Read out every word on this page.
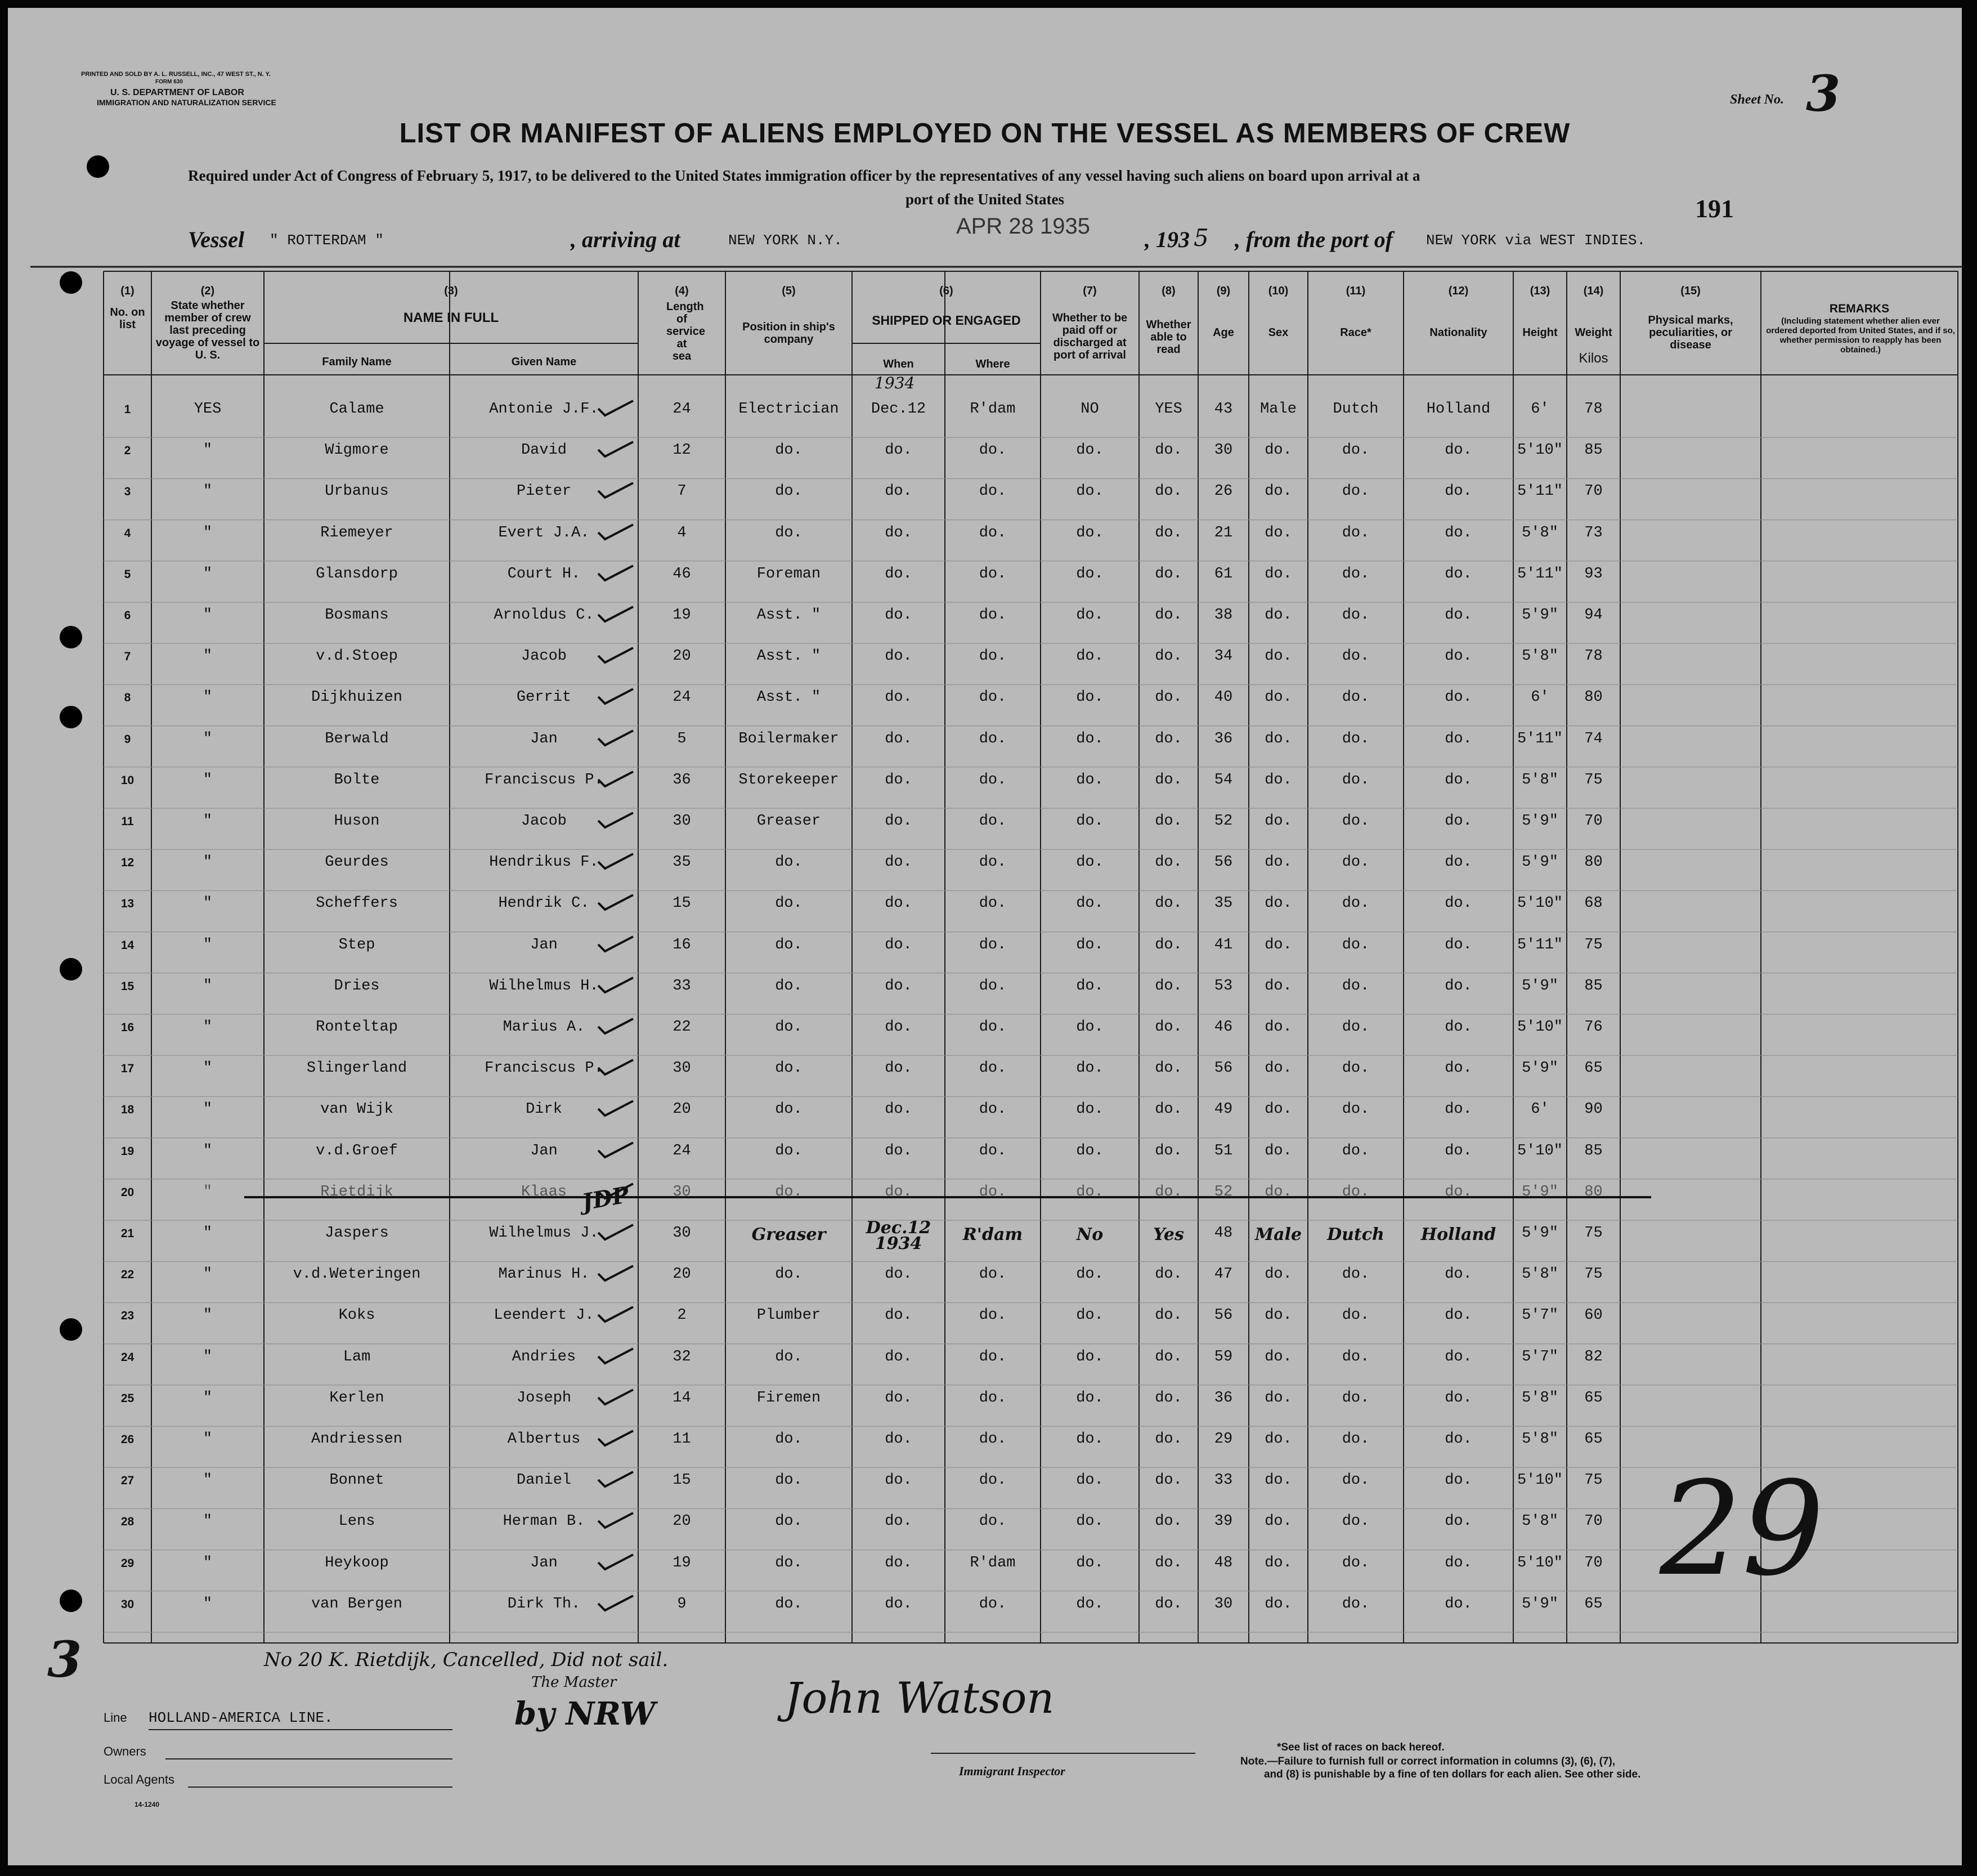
PRINTED AND SOLD BY A. L. RUSSELL, INC., 47 WEST ST., N. Y.
FORM 630
U. S. DEPARTMENT OF LABOR
IMMIGRATION AND NATURALIZATION SERVICE	Sheet No. 3
LIST OR MANIFEST OF ALIENS EMPLOYED ON THE VESSEL AS MEMBERS OF CREW
Required under Act of Congress of February 5, 1917, to be delivered to the United States immigration officer by the representatives of any vessel having such aliens on board upon arrival at a
port of the United States	191
Vessel " ROTTERDAM "	, arriving at	NEW YORK N.Y.
APR 28 1935
, 193 5 , from the port of NEW YORK via WEST INDIES.
(1)
No. on list
(2)
State whether member of crew last preceding voyage of vessel to U. S.
(3)
NAME IN FULL
Family Name	Given Name
(4)
Length of service at sea
(5)
Position in ship's company
(6)
SHIPPED OR ENGAGED
When	Where
(7)
Whether to be paid off or discharged at port of arrival
(8)
Whether able to read
(9)
Age
(10)
Sex
(11)
Race*
(12)
Nationality
(13)
Height
(14)
Weight
Kilos
(15)
Physical marks, peculiarities, or disease
REMARKS
(Including statement whether alien ever ordered deported from United States, and if so, whether permission to reapply has been obtained.)
1934
1	YES	Calame	Antonie J.F.	24	Electrician	Dec.12	R'dam	NO	YES	43	Male	Dutch	Holland	6'	78
2	"	Wigmore	David	12	do.	do.	do.	do.	do.	30	do.	do.	do.	5'10"	85
3	"	Urbanus	Pieter	7	do.	do.	do.	do.	do.	26	do.	do.	do.	5'11"	70
4	"	Riemeyer	Evert J.A.	4	do.	do.	do.	do.	do.	21	do.	do.	do.	5'8"	73
5	"	Glansdorp	Court H.	46	Foreman	do.	do.	do.	do.	61	do.	do.	do.	5'11"	93
6	"	Bosmans	Arnoldus C.	19	Asst. "	do.	do.	do.	do.	38	do.	do.	do.	5'9"	94
7	"	v.d.Stoep	Jacob	20	Asst. "	do.	do.	do.	do.	34	do.	do.	do.	5'8"	78
8	"	Dijkhuizen	Gerrit	24	Asst. "	do.	do.	do.	do.	40	do.	do.	do.	6'	80
9	"	Berwald	Jan	5	Boilermaker	do.	do.	do.	do.	36	do.	do.	do.	5'11"	74
10	"	Bolte	Franciscus P.	36	Storekeeper	do.	do.	do.	do.	54	do.	do.	do.	5'8"	75
11	"	Huson	Jacob	30	Greaser	do.	do.	do.	do.	52	do.	do.	do.	5'9"	70
12	"	Geurdes	Hendrikus F.	35	do.	do.	do.	do.	do.	56	do.	do.	do.	5'9"	80
13	"	Scheffers	Hendrik C.	15	do.	do.	do.	do.	do.	35	do.	do.	do.	5'10"	68
14	"	Step	Jan	16	do.	do.	do.	do.	do.	41	do.	do.	do.	5'11"	75
15	"	Dries	Wilhelmus H.	33	do.	do.	do.	do.	do.	53	do.	do.	do.	5'9"	85
16	"	Ronteltap	Marius A.	22	do.	do.	do.	do.	do.	46	do.	do.	do.	5'10"	76
17	"	Slingerland	Franciscus P.	30	do.	do.	do.	do.	do.	56	do.	do.	do.	5'9"	65
18	"	van Wijk	Dirk	20	do.	do.	do.	do.	do.	49	do.	do.	do.	6'	90
19	"	v.d.Groef	Jan	24	do.	do.	do.	do.	do.	51	do.	do.	do.	5'10"	85
20	"	Rietdijk	Klaas	30	do.	do.	do.	do.	do.	52	do.	do.	do.	5'9"	80
21	"	Jaspers	Wilhelmus J.	30	Greaser	Dec.12 1934	R'dam	No	Yes	48	Male	Dutch	Holland	5'9"	75
22	"	v.d.Weteringen	Marinus H.	20	do.	do.	do.	do.	do.	47	do.	do.	do.	5'8"	75
23	"	Koks	Leendert J.	2	Plumber	do.	do.	do.	do.	56	do.	do.	do.	5'7"	60
24	"	Lam	Andries	32	do.	do.	do.	do.	do.	59	do.	do.	do.	5'7"	82
25	"	Kerlen	Joseph	14	Firemen	do.	do.	do.	do.	36	do.	do.	do.	5'8"	65
26	"	Andriessen	Albertus	11	do.	do.	do.	do.	do.	29	do.	do.	do.	5'8"	65
27	"	Bonnet	Daniel	15	do.	do.	do.	do.	do.	33	do.	do.	do.	5'10"	75
28	"	Lens	Herman B.	20	do.	do.	do.	do.	do.	39	do.	do.	do.	5'8"	70
29	"	Heykoop	Jan	19	do.	do.	R'dam	do.	do.	48	do.	do.	do.	5'10"	70
30	"	van Bergen	Dirk Th.	9	do.	do.	do.	do.	do.	30	do.	do.	do.	5'9"	65
JDP
29
3	No 20 K. Rietdijk, Cancelled, Did not sail.
Line HOLLAND-AMERICA LINE.
Owners
Local Agents
14-1240
The Master
by NRW	John Watson
Immigrant Inspector
*See list of races on back hereof.
Note.—Failure to furnish full or correct information in columns (3), (6), (7),
and (8) is punishable by a fine of ten dollars for each alien. See other side.
